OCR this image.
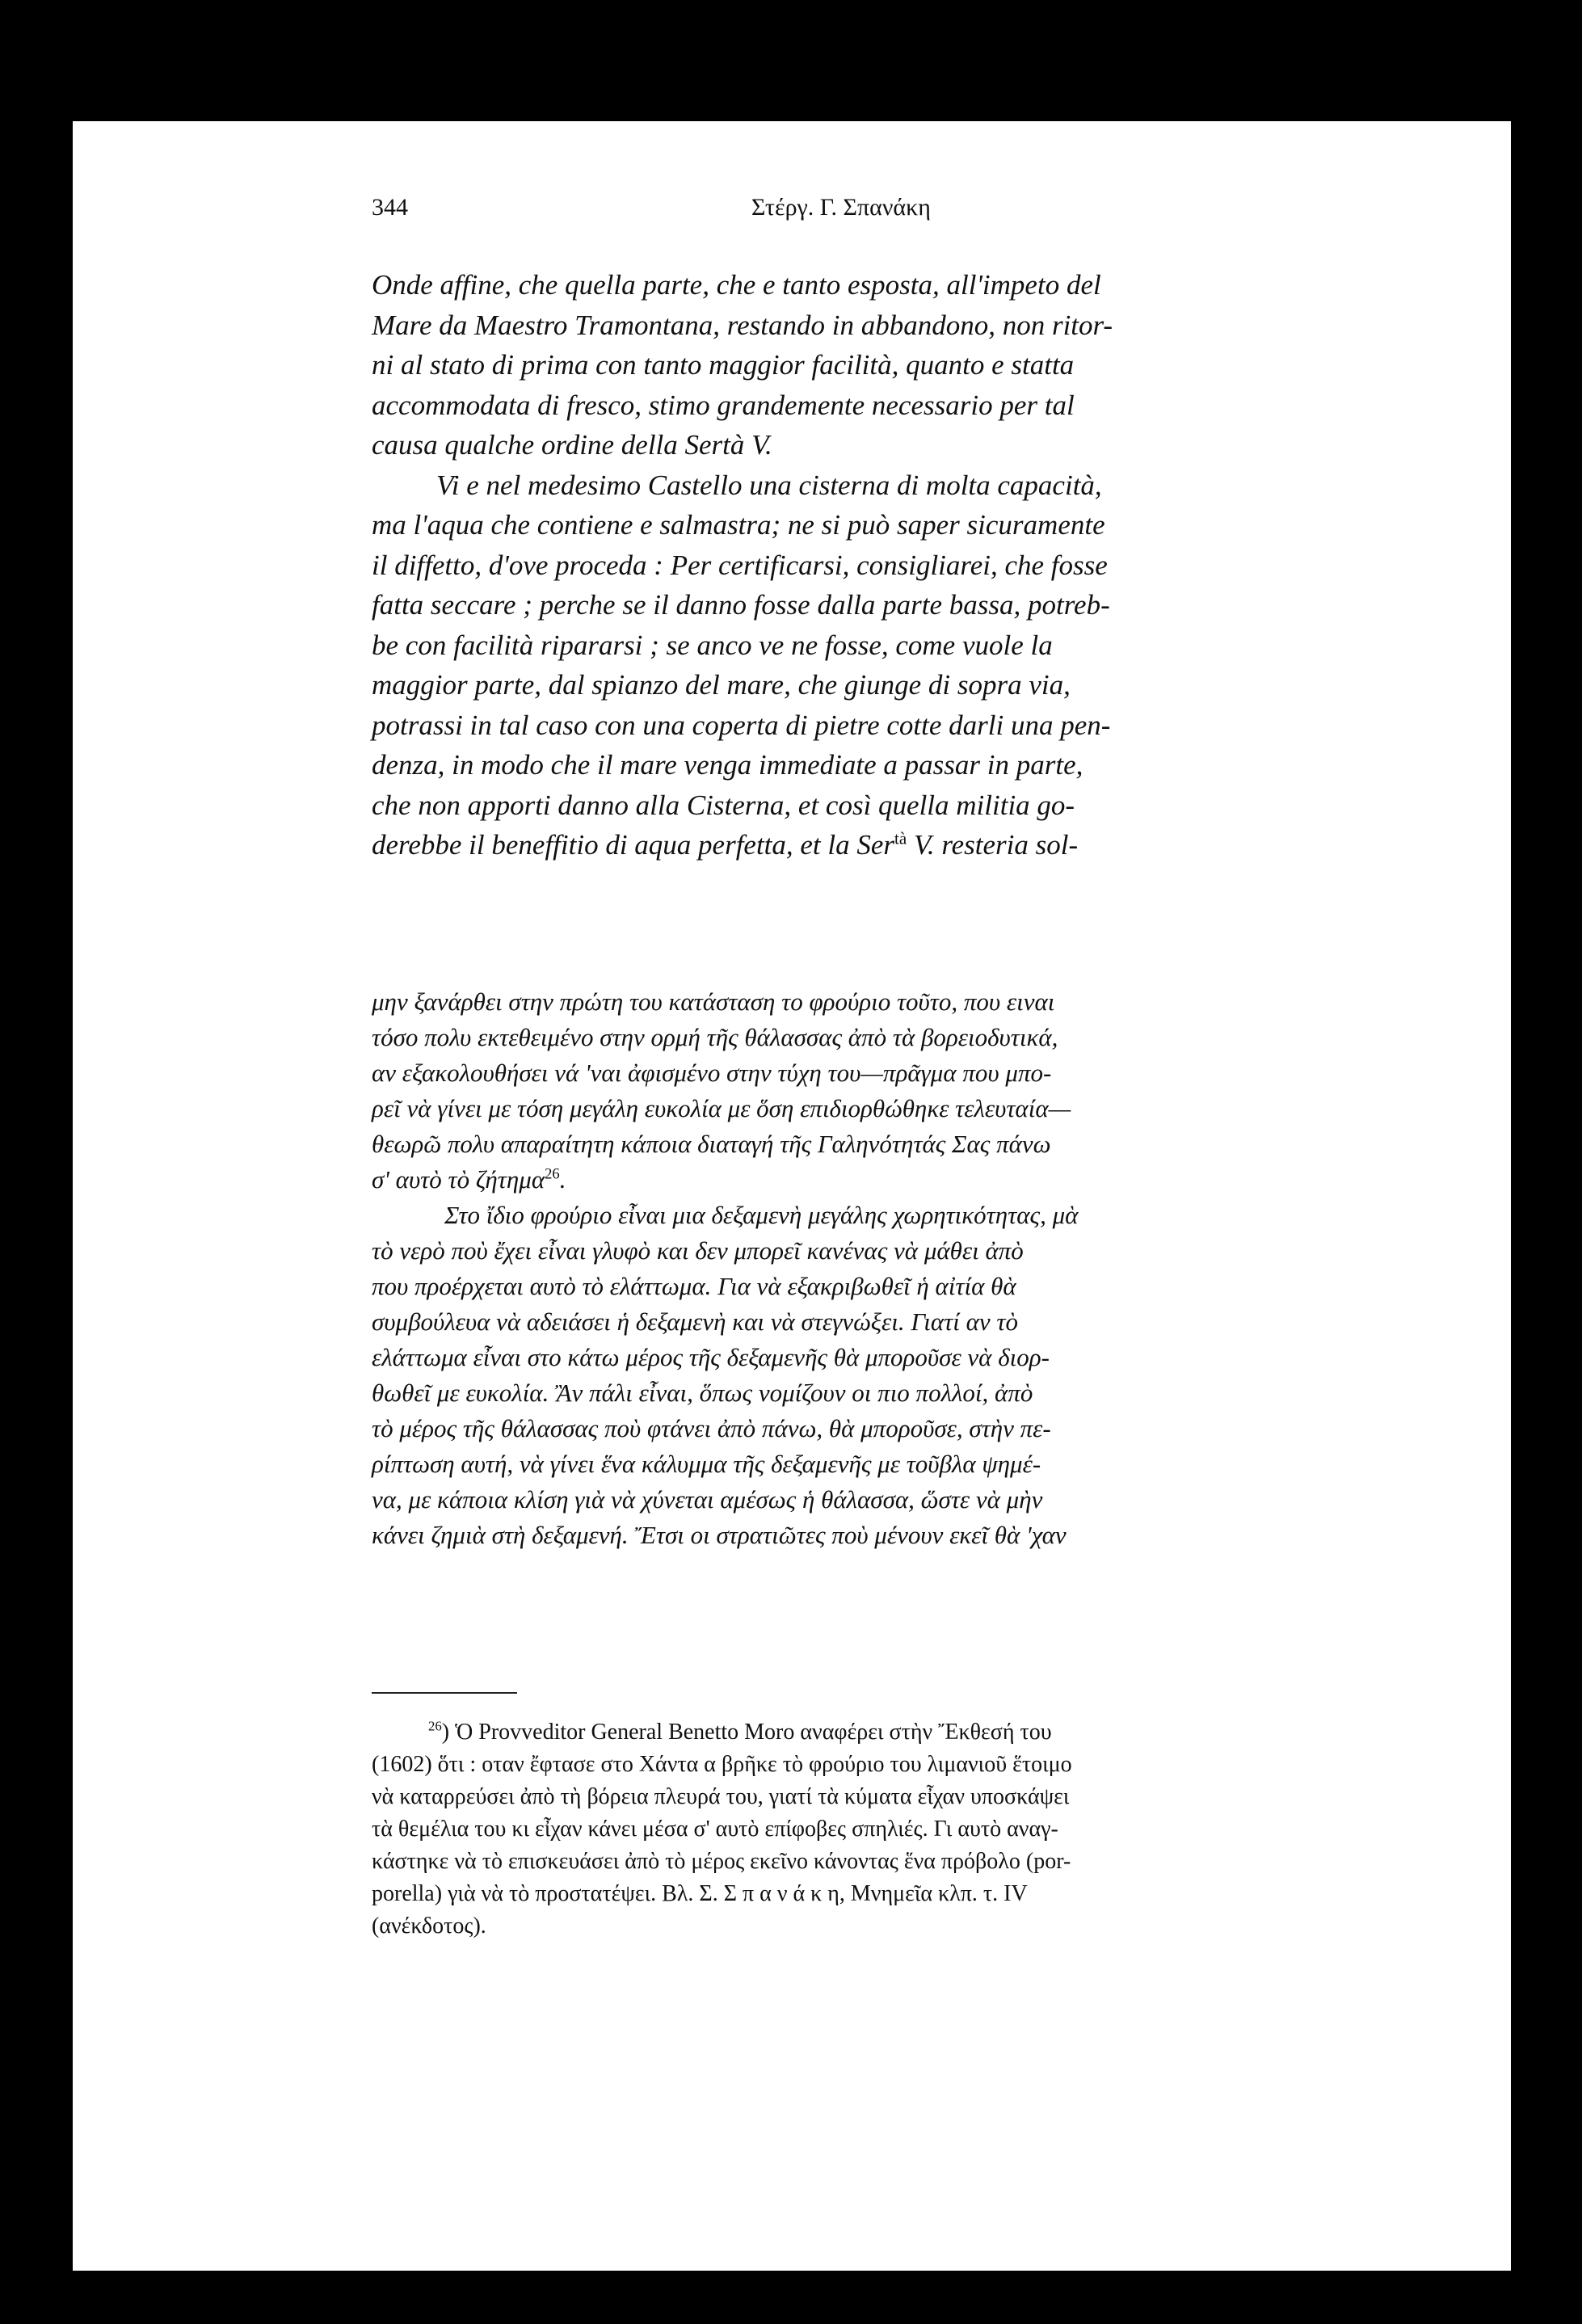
344	Στέργ. Γ. Σπανάκη
Onde affine, che quella parte, che e tanto esposta, all'impeto del
Mare da Maestro Tramontana, restando in abbandono, non ritor-
ni al stato di prima con tanto maggior facilità, quanto e statta
accommodata di fresco, stimo grandemente necessario per tal
causa qualche ordine della Sertà V.
Vi e nel medesimo Castello una cisterna di molta capacità,
ma l'aqua che contiene e salmastra; ne si può saper sicuramente
il diffetto, d'ove proceda : Per certificarsi, consigliarei, che fosse
fatta seccare ; perche se il danno fosse dalla parte bassa, potreb-
be con facilità ripararsi ; se anco ve ne fosse, come vuole la
maggior parte, dal spianzo del mare, che giunge di sopra via,
potrassi in tal caso con una coperta di pietre cotte darli una pen-
denza, in modo che il mare venga immediate a passar in parte,
che non apporti danno alla Cisterna, et così quella militia go-
derebbe il beneffitio di aqua perfetta, et la Ser$^{tà}$ V. resteria sol-
μην ξανάρθει στην πρώτη του κατάσταση το φρούριο τοῦτο, που ειναι
τόσο πολυ εκτεθειμένο στην ορμή τῆς θάλασσας ἀπὸ τὰ βορειοδυτικά,
αν εξακολουθήσει νά 'ναι ἀφισμένο στην τύχη του—πρᾶγμα που μπο-
ρεῖ νὰ γίνει με τόση μεγάλη ευκολία με ὅση επιδιορθώθηκε τελευταία—
θεωρῶ πολυ απαραίτητη κάποια διαταγή τῆς Γαληνότητάς Σας πάνω
σ' αυτὸ τὸ ζήτημα$^{26}$.
Στο ἴδιο φρούριο εἶναι μια δεξαμενὴ μεγάλης χωρητικότητας, μὰ
τὸ νερὸ ποὺ ἔχει εἶναι γλυφὸ και δεν μπορεῖ κανένας νὰ μάθει ἀπὸ
που προέρχεται αυτὸ τὸ ελάττωμα. Για νὰ εξακριβωθεῖ ἡ αἰτία θὰ
συμβούλευα νὰ αδειάσει ἡ δεξαμενὴ και νὰ στεγνώξει. Γιατί αν τὸ
ελάττωμα εἶναι στο κάτω μέρος τῆς δεξαμενῆς θὰ μποροῦσε νὰ διορ-
θωθεῖ με ευκολία. Ἂν πάλι εἶναι, ὅπως νομίζουν οι πιο πολλοί, ἀπὸ
τὸ μέρος τῆς θάλασσας ποὺ φτάνει ἀπὸ πάνω, θὰ μποροῦσε, στὴν πε-
ρίπτωση αυτή, νὰ γίνει ἕνα κάλυμμα τῆς δεξαμενῆς με τοῦβλα ψημέ-
να, με κάποια κλίση γιὰ νὰ χύνεται αμέσως ἡ θάλασσα, ὥστε νὰ μὴν
κάνει ζημιὰ στὴ δεξαμενή. Ἔτσι οι στρατιῶτες ποὺ μένουν εκεῖ θὰ 'χαν
$^{26}$) Ὁ Provveditor General Benetto Moro αναφέρει στὴν Ἔκθεσή του
(1602) ὅτι : οταν ἔφτασε στο Χάντα α βρῆκε τὸ φρούριο του λιμανιοῦ ἕτοιμο
νὰ καταρρεύσει ἀπὸ τὴ βόρεια πλευρά του, γιατί τὰ κύματα εἶχαν υποσκάψει
τὰ θεμέλια του κι εἶχαν κάνει μέσα σ' αυτὸ επίφοβες σπηλιές. Γι αυτὸ αναγ-
κάστηκε νὰ τὸ επισκευάσει ἀπὸ τὸ μέρος εκεῖνο κάνοντας ἕνα πρόβολο (por-
porella) γιὰ νὰ τὸ προστατέψει. Βλ. Σ. Σ π α ν ά κ η, Μνημεῖα κλπ. τ. IV
(ανέκδοτος).
